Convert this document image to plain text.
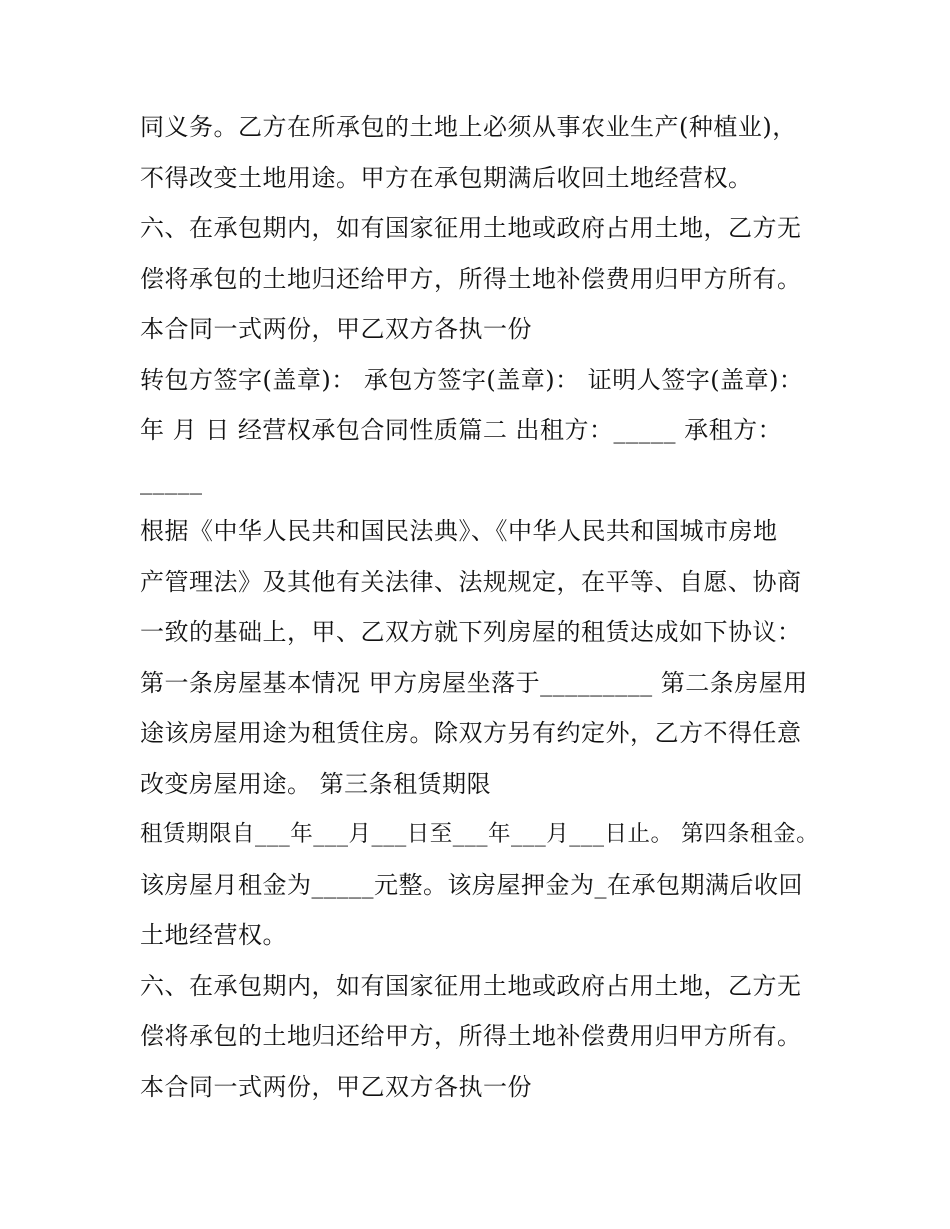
同义务。乙方在所承包的土地上必须从事农业生产(种植业)，
不得改变土地用途。甲方在承包期满后收回土地经营权。
六、在承包期内，如有国家征用土地或政府占用土地，乙方无
偿将承包的土地归还给甲方，所得土地补偿费用归甲方所有。
本合同一式两份，甲乙双方各执一份
转包方签字(盖章)： 承包方签字(盖章)： 证明人签字(盖章)：
年 月 日 经营权承包合同性质篇二 出租方：_____ 承租方：
_____
根据《中华人民共和国民法典》、《中华人民共和国城市房地
产管理法》及其他有关法律、法规规定，在平等、自愿、协商
一致的基础上，甲、乙双方就下列房屋的租赁达成如下协议：
第一条房屋基本情况 甲方房屋坐落于_________ 第二条房屋用
途该房屋用途为租赁住房。除双方另有约定外，乙方不得任意
改变房屋用途。 第三条租赁期限
租赁期限自___年___月___日至___年___月___日止。 第四条租金。
该房屋月租金为_____元整。该房屋押金为_在承包期满后收回
土地经营权。
六、在承包期内，如有国家征用土地或政府占用土地，乙方无
偿将承包的土地归还给甲方，所得土地补偿费用归甲方所有。
本合同一式两份，甲乙双方各执一份
